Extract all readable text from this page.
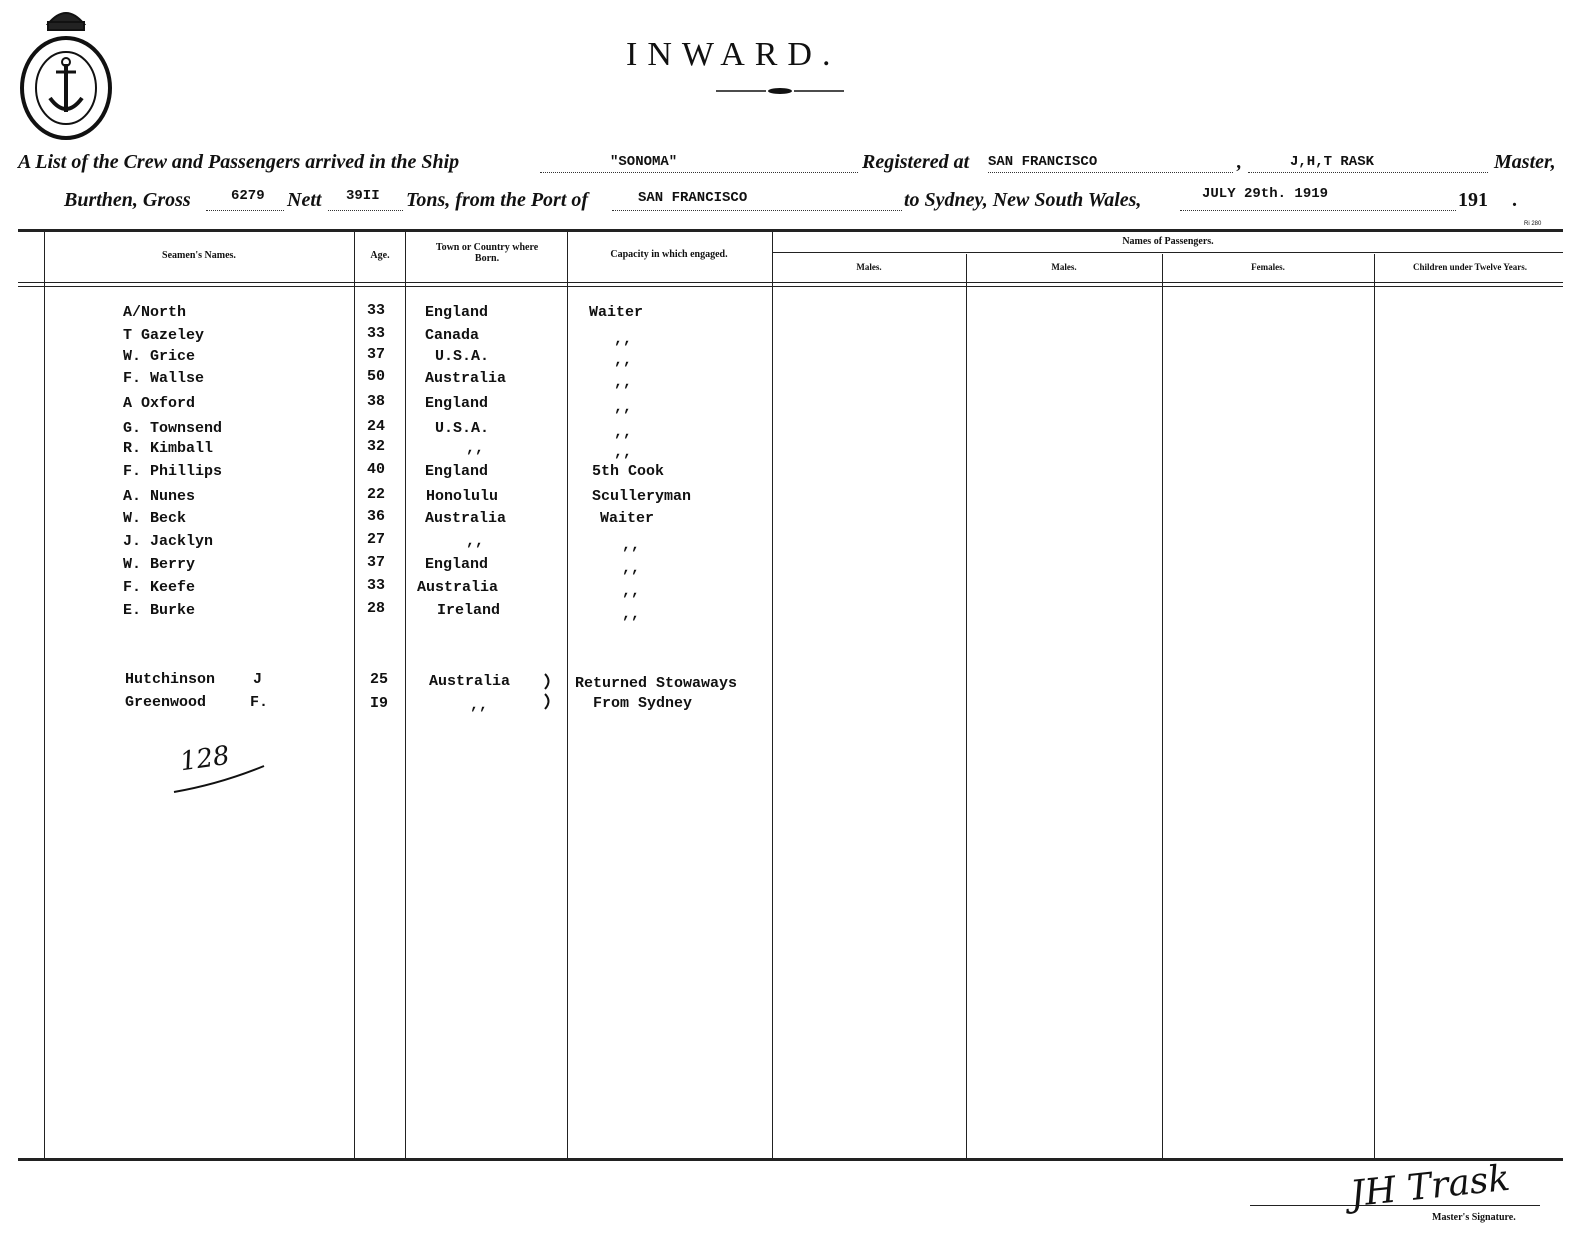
INWARD.
A List of the Crew and Passengers arrived in the Ship	"SONOMA"	Registered at SAN FRANCISCO	,	J,H,T RASK	Master,
Burthen, Gross	6279 Nett 39II Tons, from the Port of	SAN FRANCISCO	to Sydney, New South Wales,	JULY 29th. 1919	191 .
Ri 280
Seamen's Names.	Age.
Town or Country where Born.	Capacity in which engaged.
Names of Passengers.
Males.	Males.	Females.	Children under Twelve Years.
A/North	33	England	Waiter
T Gazeley	33	Canada	,,
W. Grice	37	U.S.A.	,,
F. Wallse	50	Australia	,,
A Oxford	38	England	,,
G. Townsend	24	U.S.A.	,,
R. Kimball	32	,,	,,
F. Phillips	40	England	5th Cook
A. Nunes	22	Honolulu	Sculleryman
W. Beck	36	Australia	Waiter
J. Jacklyn	27	,,	,,
W. Berry	37	England	,,
F. Keefe	33 Australia	,,
E. Burke	28	Ireland	,,
Hutchinson	J	25	Australia	Returned Stowaways
Greenwood	F.	I9	,,	From Sydney
128
JH Trask
Master's Signature.
